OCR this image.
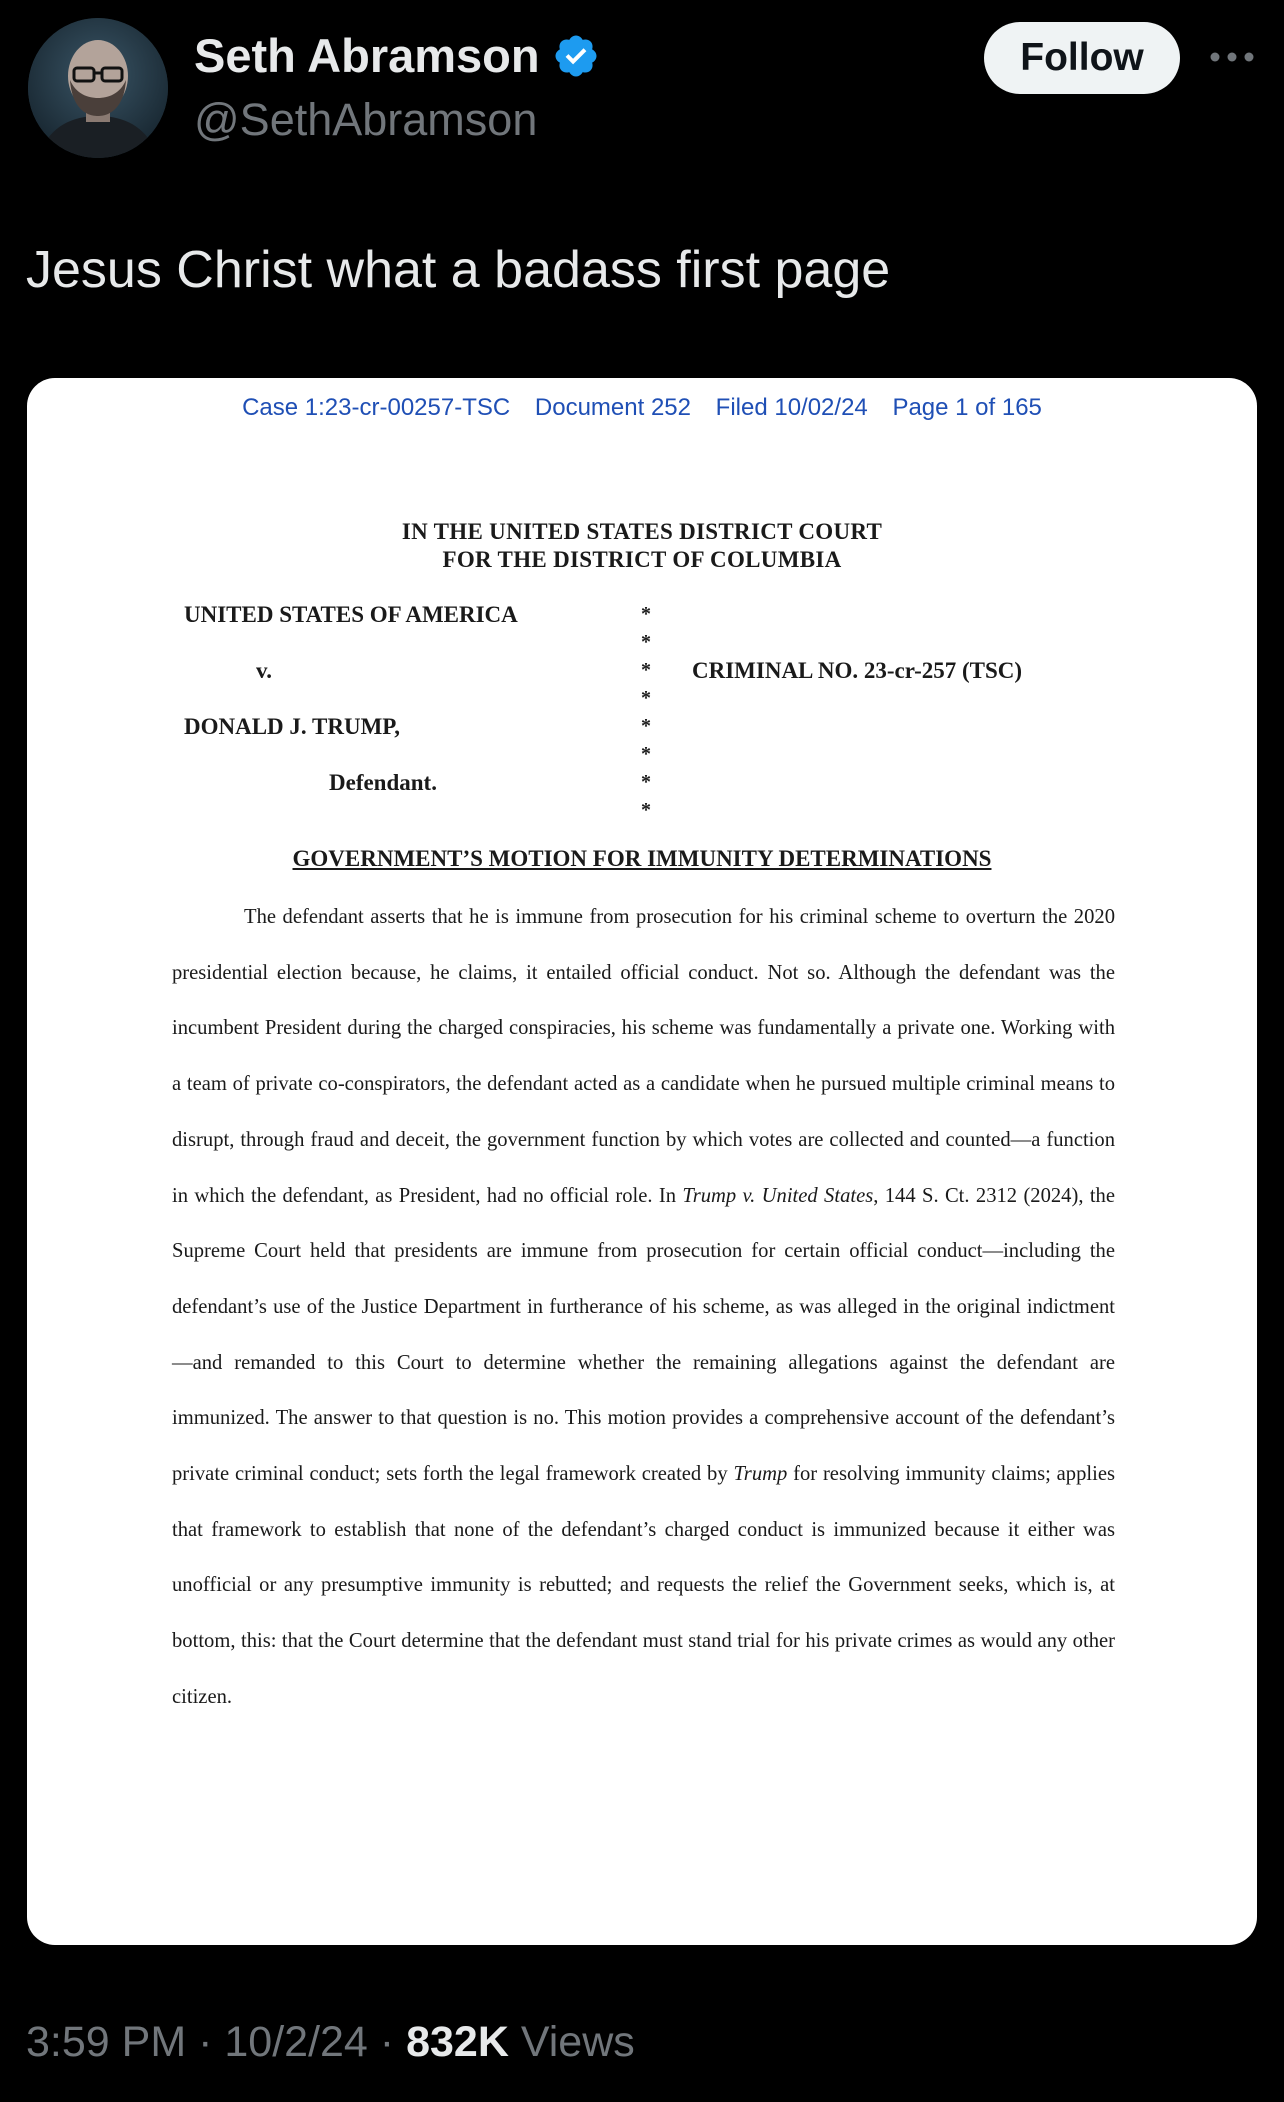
Seth Abramson
@SethAbramson
Follow
Jesus Christ what a badass first page
Case 1:23-cr-00257-TSC Document 252 Filed 10/02/24 Page 1 of 165
IN THE UNITED STATES DISTRICT COURT
FOR THE DISTRICT OF COLUMBIA
UNITED STATES OF AMERICA
v.	CRIMINAL NO. 23-cr-257 (TSC)
DONALD J. TRUMP,
Defendant.
*
*
*
*
*
*
*
*
GOVERNMENT’S MOTION FOR IMMUNITY DETERMINATIONS

The defendant asserts that he is immune from prosecution for his criminal scheme to overturn the 2020 presidential election because, he claims, it entailed official conduct. Not so. Although the defendant was the incumbent President during the charged conspiracies, his scheme was fundamentally a private one. Working with a team of private co-conspirators, the defendant acted as a candidate when he pursued multiple criminal means to disrupt, through fraud and deceit, the government function by which votes are collected and counted—a function in which the defendant, as President, had no official role. In Trump v. United States, 144 S. Ct. 2312 (2024), the Supreme Court held that presidents are immune from prosecution for certain official conduct—including the defendant’s use of the Justice Department in furtherance of his scheme, as was alleged in the original indictment—and remanded to this Court to determine whether the remaining allegations against the defendant are immunized. The answer to that question is no. This motion provides a comprehensive account of the defendant’s private criminal conduct; sets forth the legal framework created by Trump for resolving immunity claims; applies that framework to establish that none of the defendant’s charged conduct is immunized because it either was unofficial or any presumptive immunity is rebutted; and requests the relief the Government seeks, which is, at bottom, this: that the Court determine that the defendant must stand trial for his private crimes as would any other citizen.

3:59 PM · 10/2/24 · 832K Views
